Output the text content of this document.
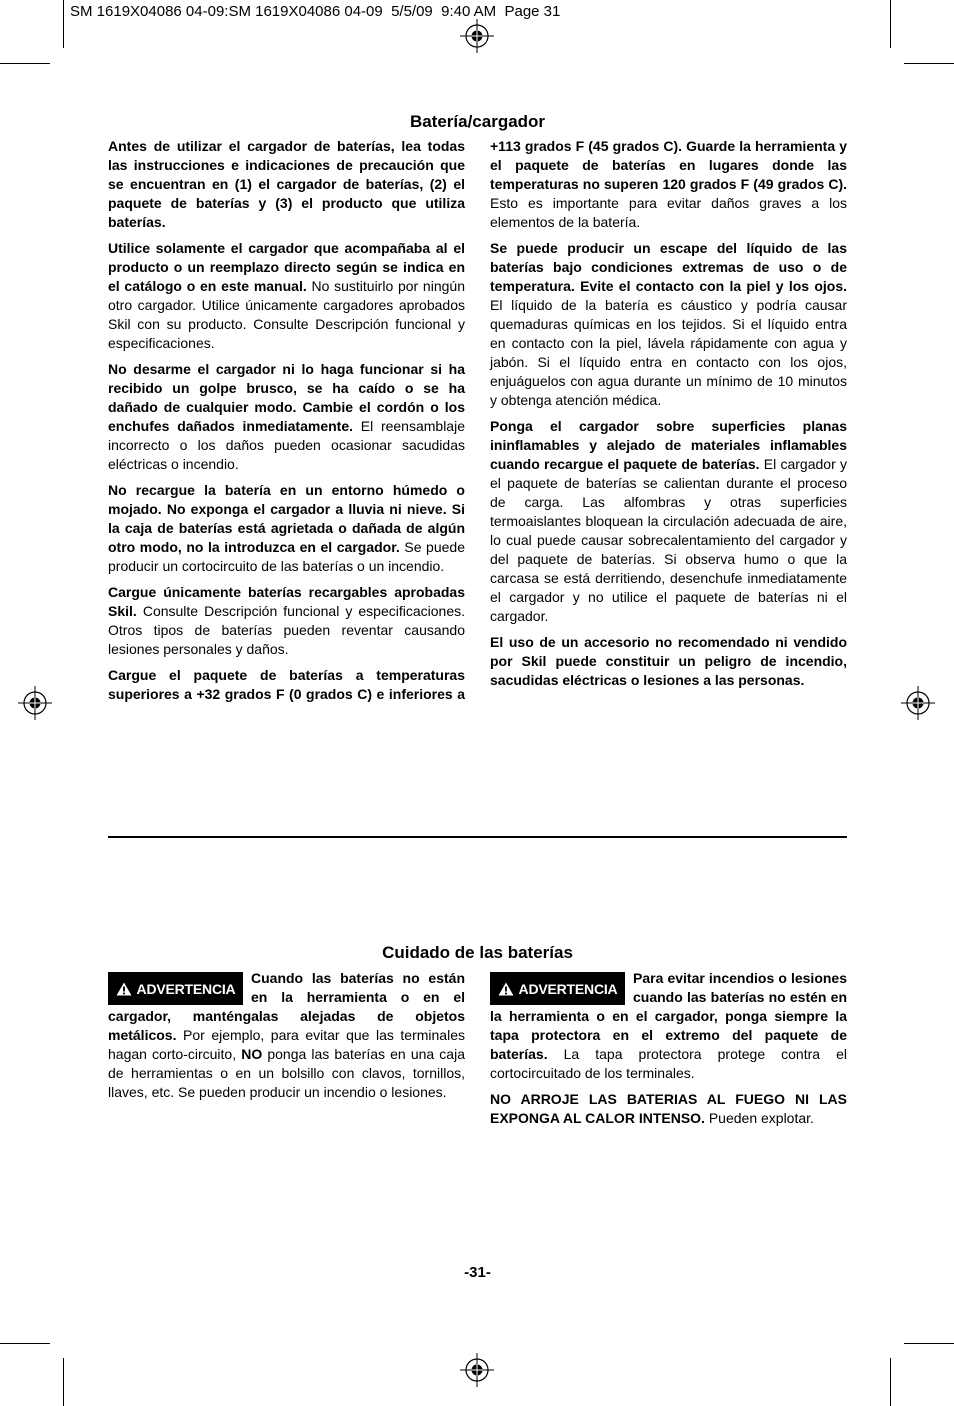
SM 1619X04086 04-09:SM 1619X04086 04-09  5/5/09  9:40 AM  Page 31
Batería/cargador

Antes de utilizar el cargador de baterías, lea todas las instrucciones e indicaciones de precaución que se encuentran en (1) el cargador de baterías, (2) el paquete de baterías y (3) el producto que utiliza baterías.

Utilice solamente el cargador que acompañaba al el producto o un reemplazo directo según se indica en el catálogo o en este manual. No sustituirlo por ningún otro cargador. Utilice únicamente cargadores aprobados Skil con su producto. Consulte Descripción funcional y especificaciones.

No desarme el cargador ni lo haga funcionar si ha recibido un golpe brusco, se ha caído o se ha dañado de cualquier modo. Cambie el cordón o los enchufes dañados inmediatamente. El reensamblaje incorrecto o los daños pueden ocasionar sacudidas eléctricas o incendio.

No recargue la batería en un entorno húmedo o mojado. No exponga el cargador a lluvia ni nieve. Si la caja de baterías está agrietada o dañada de algún otro modo, no la introduzca en el cargador. Se puede producir un cortocircuito de las baterías o un incendio.

Cargue únicamente baterías recargables aprobadas Skil. Consulte Descripción funcional y especificaciones. Otros tipos de baterías pueden reventar causando lesiones personales y daños.

Cargue el paquete de baterías a temperaturas superiores a +32 grados F (0 grados C) e inferiores a

+113 grados F (45 grados C). Guarde la herramienta y el paquete de baterías en lugares donde las temperaturas no superen 120 grados F (49 grados C). Esto es importante para evitar daños graves a los elementos de la batería.

Se puede producir un escape del líquido de las baterías bajo condiciones extremas de uso o de temperatura. Evite el contacto con la piel y los ojos. El líquido de la batería es cáustico y podría causar quemaduras químicas en los tejidos. Si el líquido entra en contacto con la piel, lávela rápidamente con agua y jabón. Si el líquido entra en contacto con los ojos, enjuáguelos con agua durante un mínimo de 10 minutos y obtenga atención médica.

Ponga el cargador sobre superficies planas ininflamables y alejado de materiales inflamables cuando recargue el paquete de baterías. El cargador y el paquete de baterías se calientan durante el proceso de carga. Las alfombras y otras superficies termoaislantes bloquean la circulación adecuada de aire, lo cual puede causar sobrecalentamiento del cargador y del paquete de baterías. Si observa humo o que la carcasa se está derritiendo, desenchufe inmediatamente el cargador y no utilice el paquete de baterías ni el cargador.

El uso de un accesorio no recomendado ni vendido por Skil puede constituir un peligro de incendio, sacudidas eléctricas o lesiones a las personas.

Cuidado de las baterías

ADVERTENCIA
Cuando las baterías no están en la herramienta o en el cargador, manténgalas alejadas de objetos metálicos. Por ejemplo, para evitar que las terminales hagan corto-circuito, NO ponga las baterías en una caja de herramientas o en un bolsillo con clavos, tornillos, llaves, etc. Se pueden producir un incendio o lesiones.

ADVERTENCIA
Para evitar incendios o lesiones cuando las baterías no estén en la herramienta o en el cargador, ponga siempre la tapa protectora en el extremo del paquete de baterías. La tapa protectora protege contra el cortocircuitado de los terminales.

NO ARROJE LAS BATERIAS AL FUEGO NI LAS EXPONGA AL CALOR INTENSO. Pueden explotar.

-31-
